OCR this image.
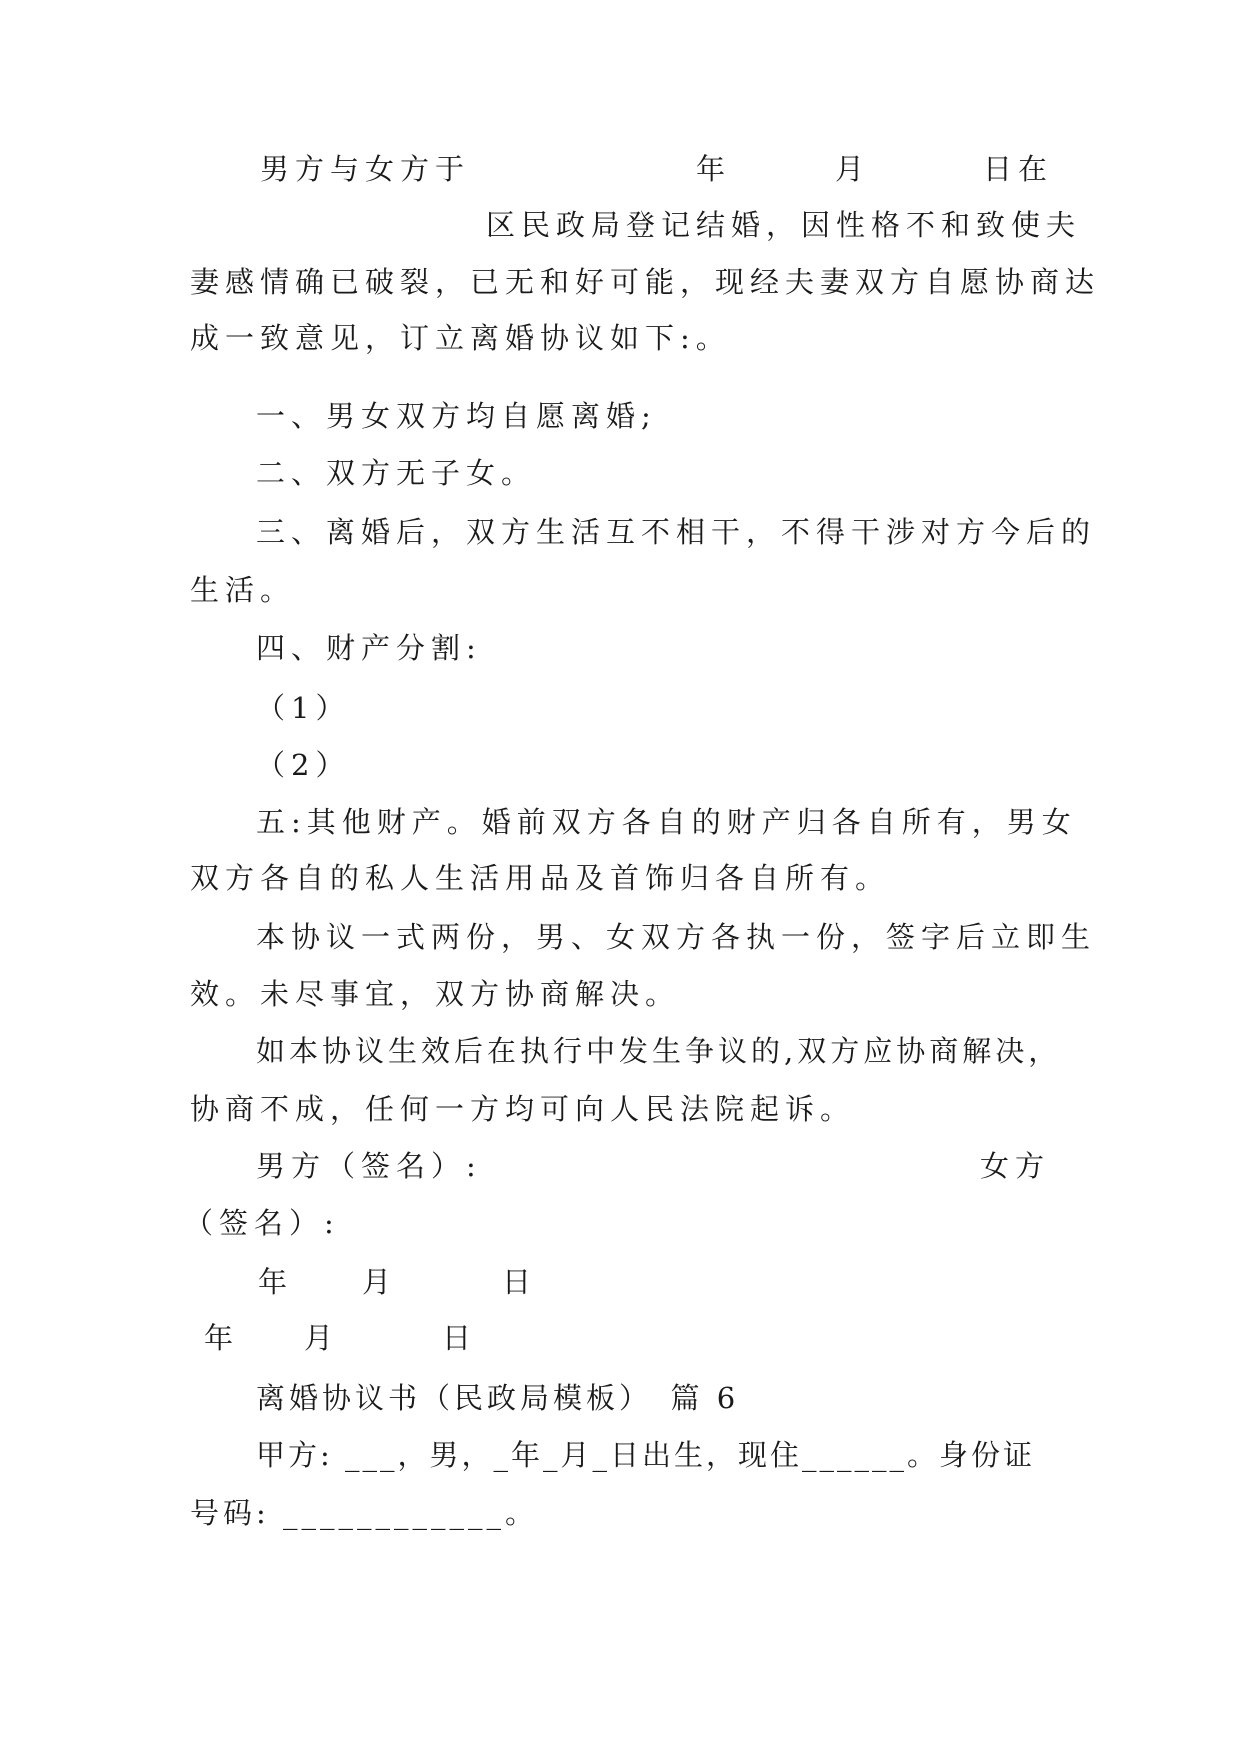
男方与女方于	年	月	日在
区民政局登记结婚，因性格不和致使夫
妻感情确已破裂，已无和好可能，现经夫妻双方自愿协商达
成一致意见，订立离婚协议如下:。
一、男女双方均自愿离婚;
二、双方无子女。
三、离婚后，双方生活互不相干，不得干涉对方今后的
生活。
四、财产分割:
（1）
（2）
五:其他财产。婚前双方各自的财产归各自所有，男女
双方各自的私人生活用品及首饰归各自所有。
本协议一式两份，男、女双方各执一份，签字后立即生
效。未尽事宜，双方协商解决。
如本协议生效后在执行中发生争议的,双方应协商解决，
协商不成，任何一方均可向人民法院起诉。
男方（签名）:	女方
（签名）:
年 月	日
年 月	日
离婚协议书（民政局模板）　篇 6
甲方: ___，男，_年_月_日出生，现住______。身份证
号码: ____________。
